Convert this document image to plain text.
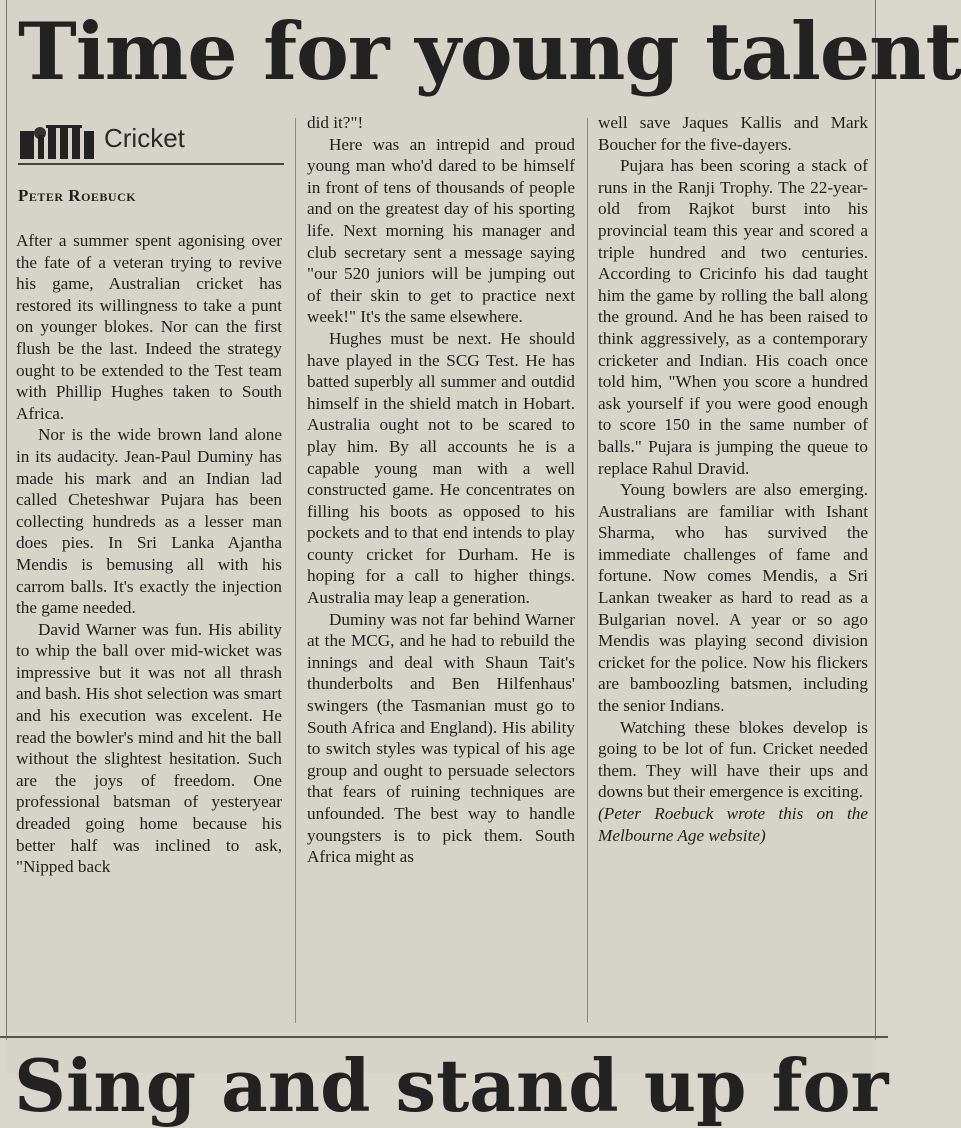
Time for young talent
Cricket
Peter Roebuck

After a summer spent agonising over the fate of a veteran trying to revive his game, Australian cricket has restored its willingness to take a punt on younger blokes. Nor can the first flush be the last. Indeed the strategy ought to be extended to the Test team with Phillip Hughes taken to South Africa.

Nor is the wide brown land alone in its audacity. Jean-Paul Duminy has made his mark and an Indian lad called Cheteshwar Pujara has been collecting hundreds as a lesser man does pies. In Sri Lanka Ajantha Mendis is bemusing all with his carrom balls. It's exactly the injection the game needed.

David Warner was fun. His ability to whip the ball over mid-wicket was impressive but it was not all thrash and bash. His shot selection was smart and his execution was excelent. He read the bowler's mind and hit the ball without the slightest hesitation. Such are the joys of freedom. One professional batsman of yesteryear dreaded going home because his better half was inclined to ask, "Nipped back

did it?"!

Here was an intrepid and proud young man who'd dared to be himself in front of tens of thousands of people and on the greatest day of his sporting life. Next morning his manager and club secretary sent a message saying "our 520 juniors will be jumping out of their skin to get to practice next week!" It's the same elsewhere.

Hughes must be next. He should have played in the SCG Test. He has batted superbly all summer and outdid himself in the shield match in Hobart. Australia ought not to be scared to play him. By all accounts he is a capable young man with a well constructed game. He concentrates on filling his boots as opposed to his pockets and to that end intends to play county cricket for Durham. He is hoping for a call to higher things. Australia may leap a generation.

Duminy was not far behind Warner at the MCG, and he had to rebuild the innings and deal with Shaun Tait's thunderbolts and Ben Hilfenhaus' swingers (the Tasmanian must go to South Africa and England). His ability to switch styles was typical of his age group and ought to persuade selectors that fears of ruining techniques are unfounded. The best way to handle youngsters is to pick them. South Africa might as

well save Jaques Kallis and Mark Boucher for the five-dayers.

Pujara has been scoring a stack of runs in the Ranji Trophy. The 22-year-old from Rajkot burst into his provincial team this year and scored a triple hundred and two centuries. According to Cricinfo his dad taught him the game by rolling the ball along the ground. And he has been raised to think aggressively, as a contemporary cricketer and Indian. His coach once told him, "When you score a hundred ask yourself if you were good enough to score 150 in the same number of balls." Pujara is jumping the queue to replace Rahul Dravid.

Young bowlers are also emerging. Australians are familiar with Ishant Sharma, who has survived the immediate challenges of fame and fortune. Now comes Mendis, a Sri Lankan tweaker as hard to read as a Bulgarian novel. A year or so ago Mendis was playing second division cricket for the police. Now his flickers are bamboozling batsmen, including the senior Indians.

Watching these blokes develop is going to be lot of fun. Cricket needed them. They will have their ups and downs but their emergence is exciting.

(Peter Roebuck wrote this on the Melbourne Age website)

Sing and stand up for
